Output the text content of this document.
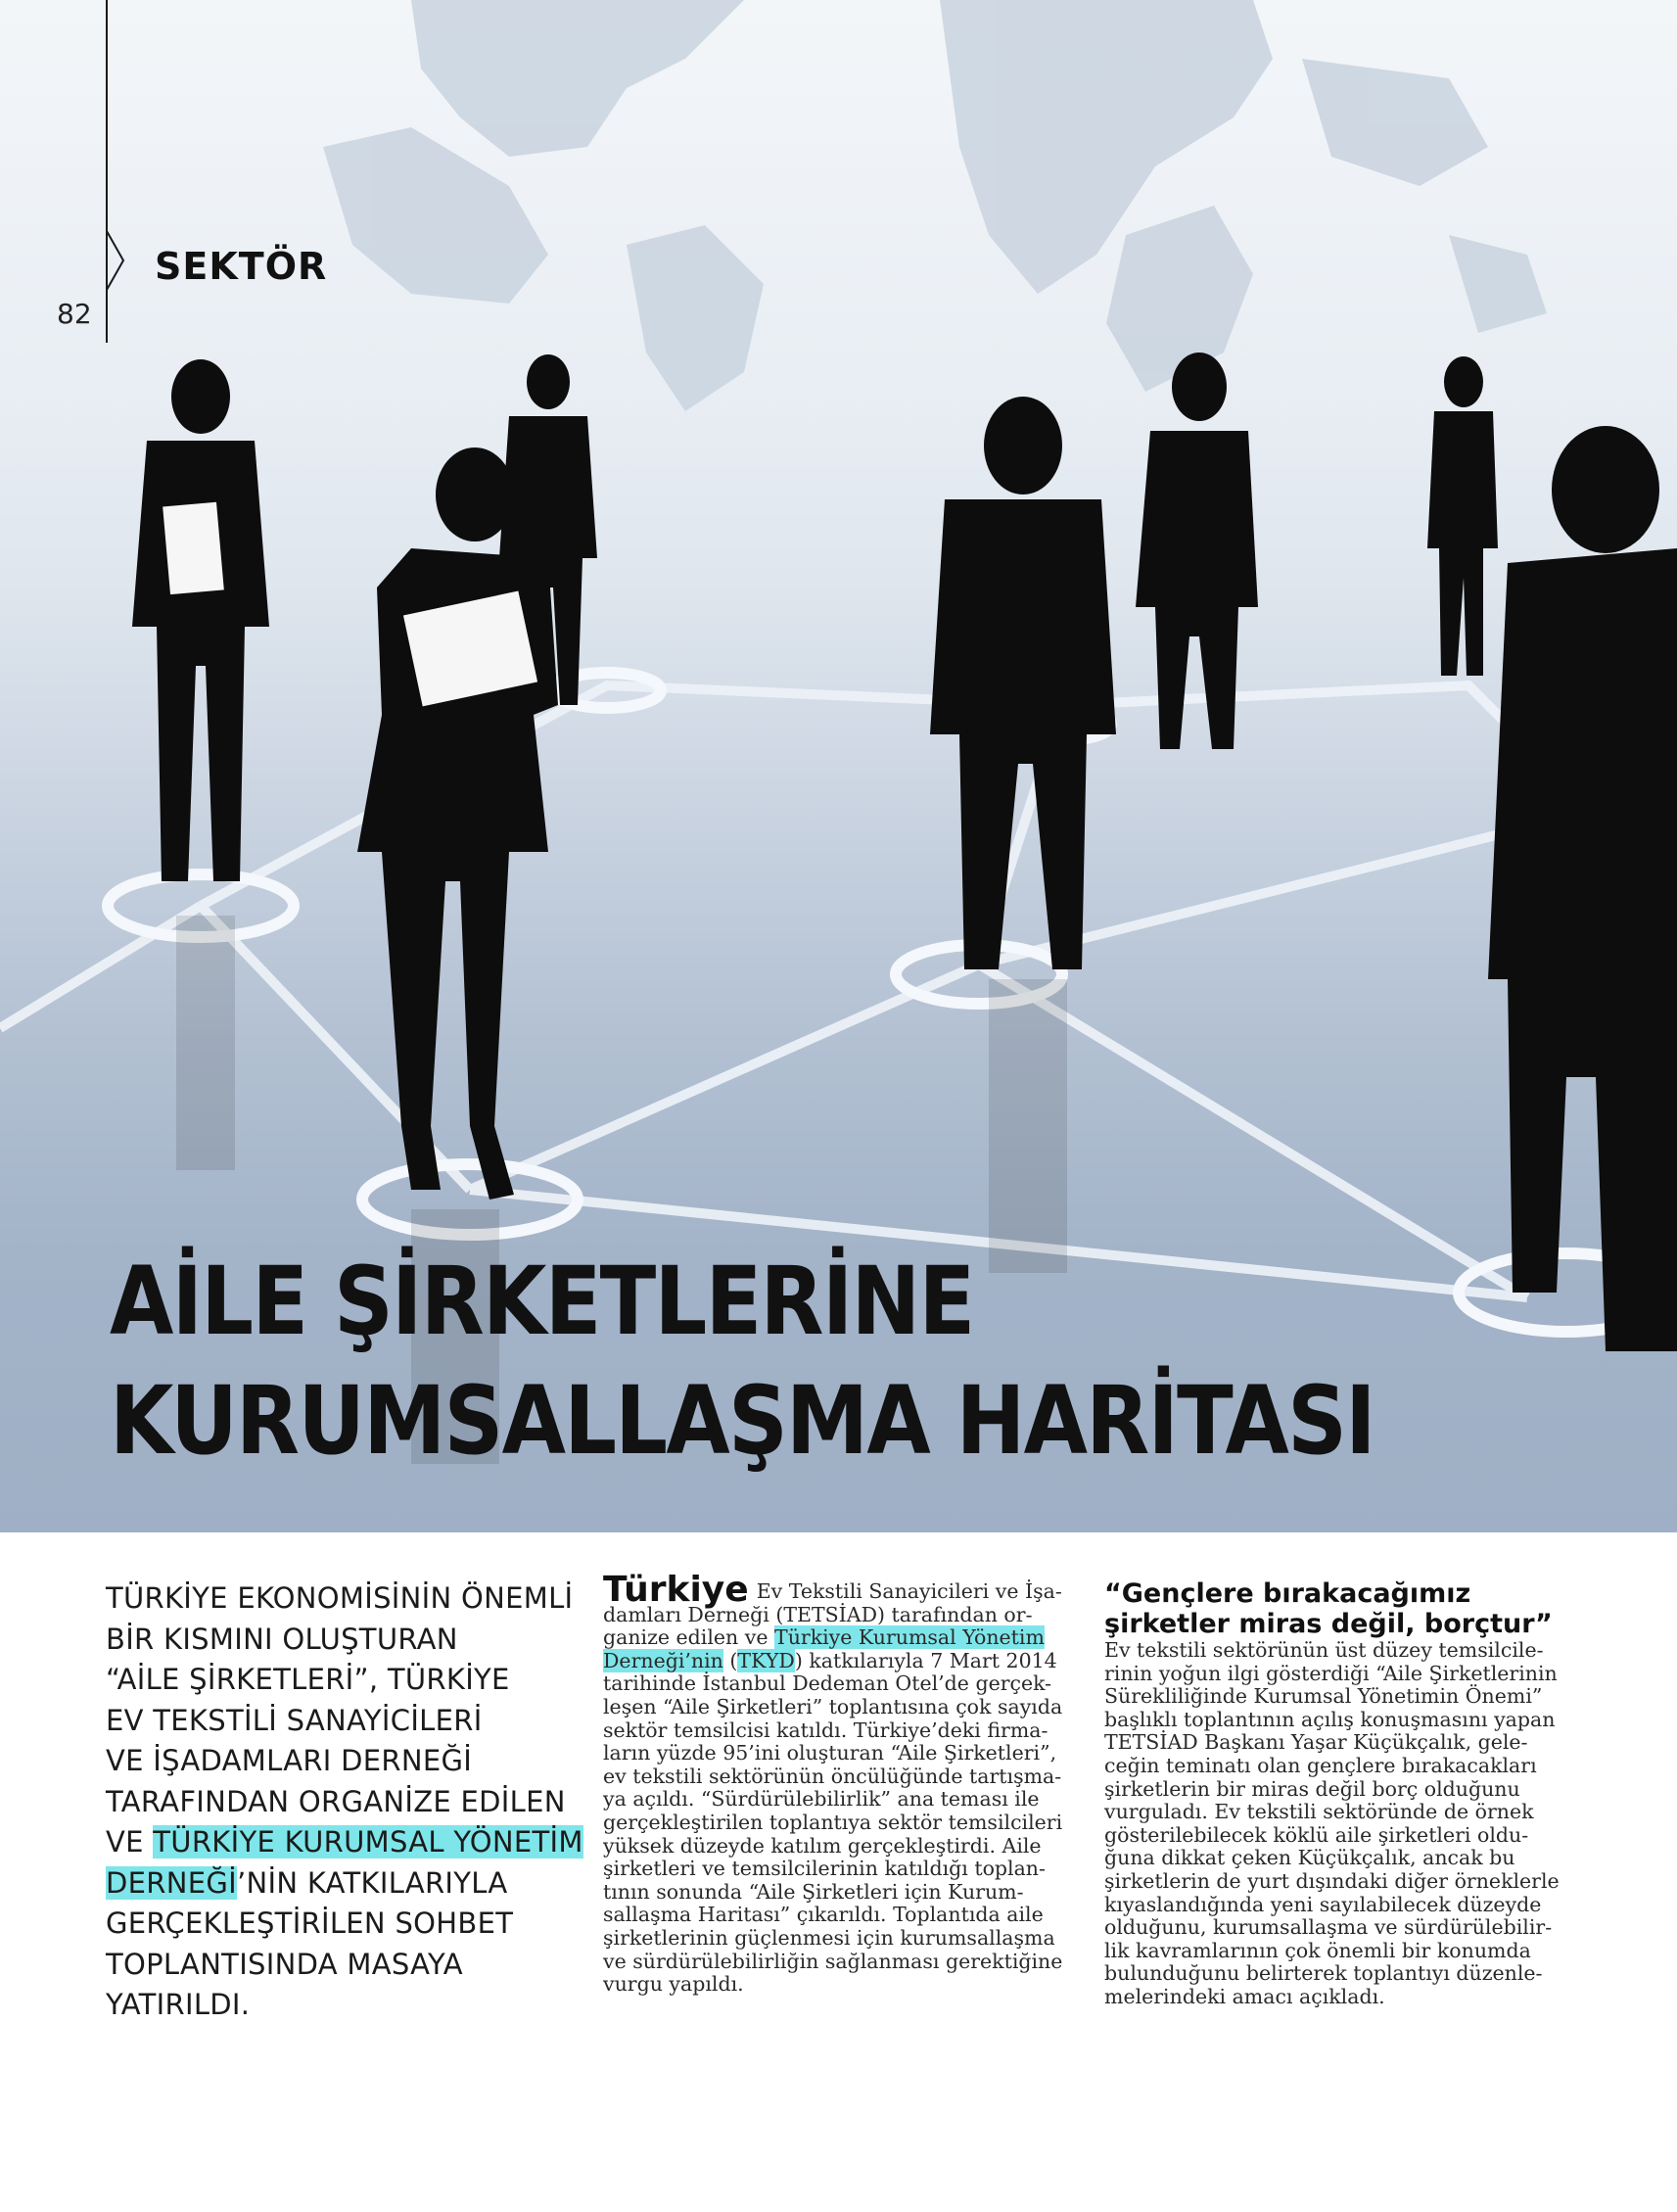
82
SEKTÖR
AİLE ŞİRKETLERİNE
KURUMSALLAŞMA HARİTASI
TÜRKİYE EKONOMİSİNİN ÖNEMLİ
BİR KISMINI OLUŞTURAN
“AİLE ŞİRKETLERİ”, TÜRKİYE
EV TEKSTİLİ SANAYİCİLERİ
VE İŞADAMLARI DERNEĞİ
TARAFINDAN ORGANİZE EDİLEN
VE TÜRKİYE KURUMSAL YÖNETİM
DERNEĞİ’NİN KATKILARIYLA
GERÇEKLEŞTİRİLEN SOHBET
TOPLANTISINDA MASAYA
YATIRILDI.
Türkiye Ev Tekstili Sanayicileri ve İşa-
damları Derneği (TETSİAD) tarafından or-
ganize edilen ve Türkiye Kurumsal Yönetim
Derneği’nin (TKYD) katkılarıyla 7 Mart 2014
tarihinde İstanbul Dedeman Otel’de gerçek-
leşen “Aile Şirketleri” toplantısına çok sayıda
sektör temsilcisi katıldı. Türkiye’deki firma-
ların yüzde 95’ini oluşturan “Aile Şirketleri”,
ev tekstili sektörünün öncülüğünde tartışma-
ya açıldı. “Sürdürülebilirlik” ana teması ile
gerçekleştirilen toplantıya sektör temsilcileri
yüksek düzeyde katılım gerçekleştirdi. Aile
şirketleri ve temsilcilerinin katıldığı toplan-
tının sonunda “Aile Şirketleri için Kurum-
sallaşma Haritası” çıkarıldı. Toplantıda aile
şirketlerinin güçlenmesi için kurumsallaşma
ve sürdürülebilirliğin sağlanması gerektiğine
vurgu yapıldı.
“Gençlere bırakacağımız
şirketler miras değil, borçtur”
Ev tekstili sektörünün üst düzey temsilcile-
rinin yoğun ilgi gösterdiği “Aile Şirketlerinin
Sürekliliğinde Kurumsal Yönetimin Önemi”
başlıklı toplantının açılış konuşmasını yapan
TETSİAD Başkanı Yaşar Küçükçalık, gele-
ceğin teminatı olan gençlere bırakacakları
şirketlerin bir miras değil borç olduğunu
vurguladı. Ev tekstili sektöründe de örnek
gösterilebilecek köklü aile şirketleri oldu-
ğuna dikkat çeken Küçükçalık, ancak bu
şirketlerin de yurt dışındaki diğer örneklerle
kıyaslandığında yeni sayılabilecek düzeyde
olduğunu, kurumsallaşma ve sürdürülebilir-
lik kavramlarının çok önemli bir konumda
bulunduğunu belirterek toplantıyı düzenle-
melerindeki amacı açıkladı.
